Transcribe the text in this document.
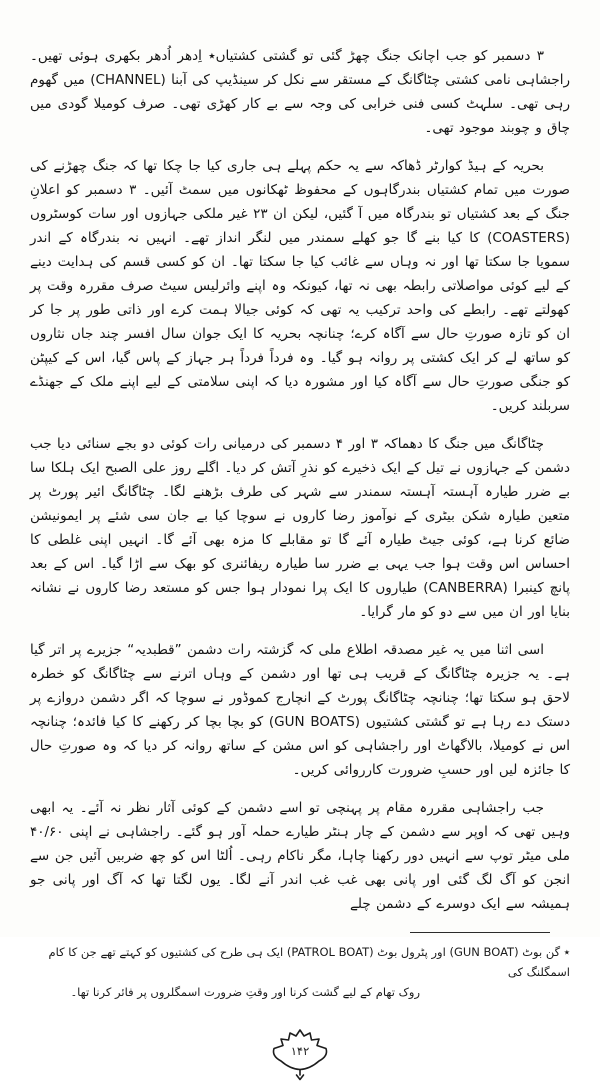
۳ دسمبر کو جب اچانک جنگ چھڑ گئی تو گشتی کشتیاں٭ اِدھر اُدھر بکھری ہوئی تھیں۔ راجشاہی نامی کشتی چٹاگانگ کے مستقر سے نکل کر سینڈیپ کی آبنا (CHANNEL) میں گھوم رہی تھی۔ سلہٹ کسی فنی خرابی کی وجہ سے بے کار کھڑی تھی۔ صرف کومیلا گودی میں چاق و چوبند موجود تھی۔

بحریہ کے ہیڈ کوارٹر ڈھاکہ سے یہ حکم پہلے ہی جاری کیا جا چکا تھا کہ جنگ چھڑنے کی صورت میں تمام کشتیاں بندرگاہوں کے محفوظ ٹھکانوں میں سمٹ آئیں۔ ۳ دسمبر کو اعلانِ جنگ کے بعد کشتیاں تو بندرگاہ میں آ گئیں، لیکن ان ۲۳ غیر ملکی جہازوں اور سات کوسٹروں (COASTERS) کا کیا بنے گا جو کھلے سمندر میں لنگر انداز تھے۔ انہیں نہ بندرگاہ کے اندر سمویا جا سکتا تھا اور نہ وہاں سے غائب کیا جا سکتا تھا۔ ان کو کسی قسم کی ہدایت دینے کے لیے کوئی مواصلاتی رابطہ بھی نہ تھا، کیونکہ وہ اپنے وائرلیس سیٹ صرف مقررہ وقت پر کھولتے تھے۔ رابطے کی واحد ترکیب یہ تھی کہ کوئی جیالا ہمت کرے اور ذاتی طور پر جا کر ان کو تازہ صورتِ حال سے آگاہ کرے؛ چنانچہ بحریہ کا ایک جوان سال افسر چند جاں نثاروں کو ساتھ لے کر ایک کشتی پر روانہ ہو گیا۔ وہ فرداً فرداً ہر جہاز کے پاس گیا، اس کے کیپٹن کو جنگی صورتِ حال سے آگاہ کیا اور مشورہ دیا کہ اپنی سلامتی کے لیے اپنے ملک کے جھنڈے سربلند کریں۔

چٹاگانگ میں جنگ کا دھماکہ ۳ اور ۴ دسمبر کی درمیانی رات کوئی دو بجے سنائی دیا جب دشمن کے جہازوں نے تیل کے ایک ذخیرے کو نذرِ آتش کر دیا۔ اگلے روز علی الصبح ایک ہلکا سا بے ضرر طیارہ آہستہ آہستہ سمندر سے شہر کی طرف بڑھنے لگا۔ چٹاگانگ ائیر پورٹ پر متعین طیارہ شکن بیٹری کے نوآموز رضا کاروں نے سوچا کیا بے جان سی شئے پر ایمونیشن ضائع کرنا ہے، کوئی جیٹ طیارہ آئے گا تو مقابلے کا مزہ بھی آئے گا۔ انہیں اپنی غلطی کا احساس اس وقت ہوا جب یہی بے ضرر سا طیارہ ریفائنری کو بھک سے اڑا گیا۔ اس کے بعد پانچ کینبرا (CANBERRA) طیاروں کا ایک پرا نمودار ہوا جس کو مستعد رضا کاروں نے نشانہ بنایا اور ان میں سے دو کو مار گرایا۔

اسی اثنا میں یہ غیر مصدقہ اطلاع ملی کہ گزشتہ رات دشمن ”قطبدیہ“ جزیرے پر اتر گیا ہے۔ یہ جزیرہ چٹاگانگ کے قریب ہی تھا اور دشمن کے وہاں اترنے سے چٹاگانگ کو خطرہ لاحق ہو سکتا تھا؛ چنانچہ چٹاگانگ پورٹ کے انچارج کموڈور نے سوچا کہ اگر دشمن دروازے پر دستک دے رہا ہے تو گشتی کشتیوں (GUN BOATS) کو بچا بچا کر رکھنے کا کیا فائدہ؛ چنانچہ اس نے کومیلا، بالاگھاٹ اور راجشاہی کو اس مشن کے ساتھ روانہ کر دیا کہ وہ صورتِ حال کا جائزہ لیں اور حسبِ ضرورت کارروائی کریں۔

جب راجشاہی مقررہ مقام پر پہنچی تو اسے دشمن کے کوئی آثار نظر نہ آئے۔ یہ ابھی وہیں تھی کہ اوپر سے دشمن کے چار ہنٹر طیارے حملہ آور ہو گئے۔ راجشاہی نے اپنی ۴۰/۶۰ ملی میٹر توپ سے انہیں دور رکھنا چاہا، مگر ناکام رہی۔ اُلٹا اس کو چھ ضربیں آئیں جن سے انجن کو آگ لگ گئی اور پانی بھی غب غب اندر آنے لگا۔ یوں لگتا تھا کہ آگ اور پانی جو ہمیشہ سے ایک دوسرے کے دشمن چلے

٭ گن بوٹ (GUN BOAT) اور پٹرول بوٹ (PATROL BOAT) ایک ہی طرح کی کشتیوں کو کہتے تھے جن کا کام اسمگلنگ کی

روک تھام کے لیے گشت کرنا اور وقتِ ضرورت اسمگلروں پر فائر کرنا تھا۔

۱۴۲
